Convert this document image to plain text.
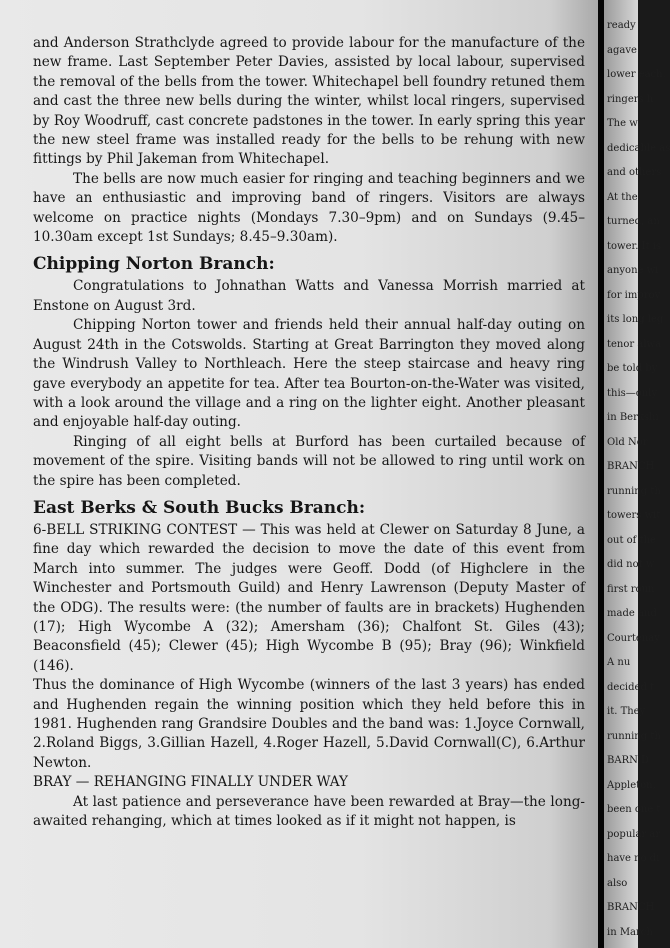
and Anderson Strathclyde agreed to provide labour for the manufacture of the new frame. Last September Peter Davies, assisted by local labour, supervised the removal of the bells from the tower. Whitechapel bell foundry retuned them and cast the three new bells during the winter, whilst local ringers, supervised by Roy Woodruff, cast concrete padstones in the tower. In early spring this year the new steel frame was installed ready for the bells to be rehung with new fittings by Phil Jakeman from Whitechapel.

The bells are now much easier for ringing and teaching beginners and we have an enthusiastic and improving band of ringers. Visitors are always welcome on practice nights (Mondays 7.30–9pm) and on Sundays (9.45–10.30am except 1st Sundays; 8.45–9.30am).

Chipping Norton Branch:

Congratulations to Johnathan Watts and Vanessa Morrish married at Enstone on August 3rd.

Chipping Norton tower and friends held their annual half-day outing on August 24th in the Cotswolds. Starting at Great Barrington they moved along the Windrush Valley to Northleach. Here the steep staircase and heavy ring gave everybody an appetite for tea. After tea Bourton-on-the-Water was visited, with a look around the village and a ring on the lighter eight. Another pleasant and enjoyable half-day outing.

Ringing of all eight bells at Burford has been curtailed because of movement of the spire. Visiting bands will not be allowed to ring until work on the spire has been completed.

East Berks & South Bucks Branch:

6-BELL STRIKING CONTEST — This was held at Clewer on Saturday 8 June, a fine day which rewarded the decision to move the date of this event from March into summer. The judges were Geoff. Dodd (of Highclere in the Winchester and Portsmouth Guild) and Henry Lawrenson (Deputy Master of the ODG). The results were: (the number of faults are in brackets) Hughenden (17); High Wycombe A (32); Amersham (36); Chalfont St. Giles (43); Beaconsfield (45); Clewer (45); High Wycombe B (95); Bray (96); Winkfield (146).

Thus the dominance of High Wycombe (winners of the last 3 years) has ended and Hughenden regain the winning position which they held before this in 1981. Hughenden rang Grandsire Doubles and the band was: 1.Joyce Cornwall, 2.Roland Biggs, 3.Gillian Hazell, 4.Roger Hazell, 5.David Cornwall(C), 6.Arthur Newton.

BRAY — REHANGING FINALLY UNDER WAY

At last patience and perseverance have been rewarded at Bray—the long-awaited rehanging, which at times looked as if it might not happen, is

ready
agave
lower each.
ringers h
The w
dedicable as
and others
At the
turned, an
tower. It is
anyone wi
for improv
its long leg
tenor alwa
be told by
this—only
in Berkshi
Old Nor
BRANCH
running th
towers wit
out of the
did not w
first roun
made and
Courtenay
A nu
decided t
it. They
running th
BARN D
Appleton,
been one t
popular ar
have no di
also
BRANCH
in March
